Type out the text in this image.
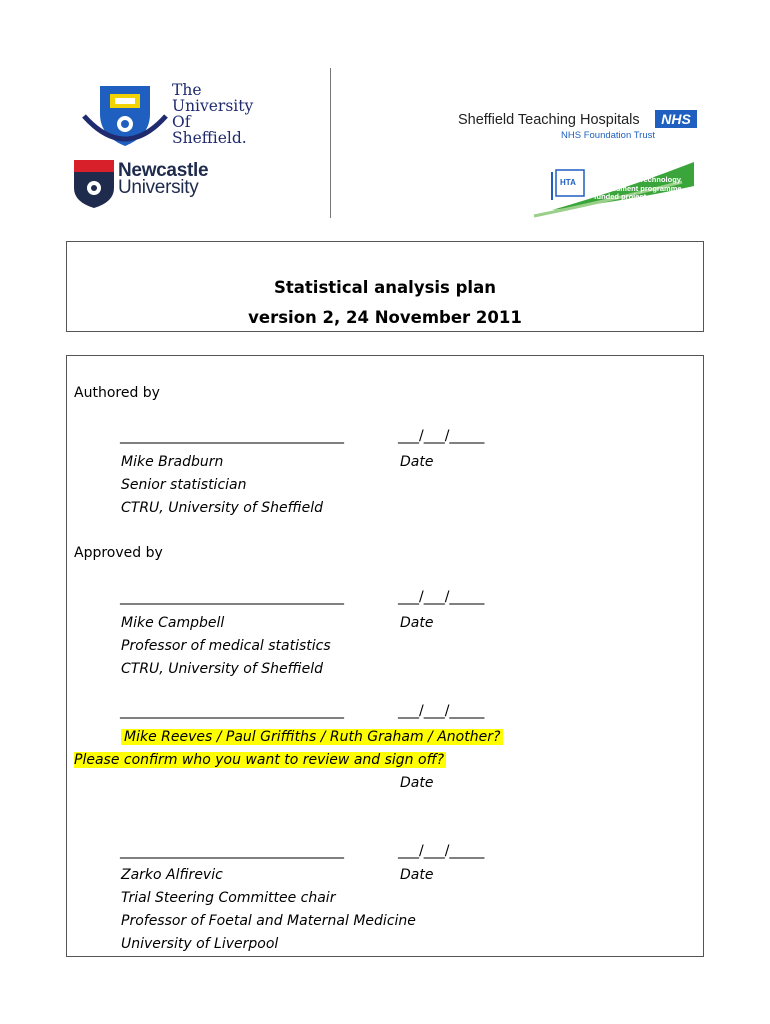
The
University
Of
Sheffield.
Newcastle
University
Sheffield Teaching Hospitals	NHS
NHS Foundation Trust
HTA NIHR Health Technology
Assessment programme
funded project
Statistical analysis plan
version 2, 24 November 2011
Authored by
________________________________	___/___/_____
Mike Bradburn	Date
Senior statistician
CTRU, University of Sheffield
Approved by
________________________________	___/___/_____
Mike Campbell	Date
Professor of medical statistics
CTRU, University of Sheffield
________________________________	___/___/_____
Mike Reeves / Paul Griffiths / Ruth Graham / Another?
Please confirm who you want to review and sign off?
Date
________________________________	___/___/_____
Zarko Alfirevic	Date
Trial Steering Committee chair
Professor of Foetal and Maternal Medicine
University of Liverpool
